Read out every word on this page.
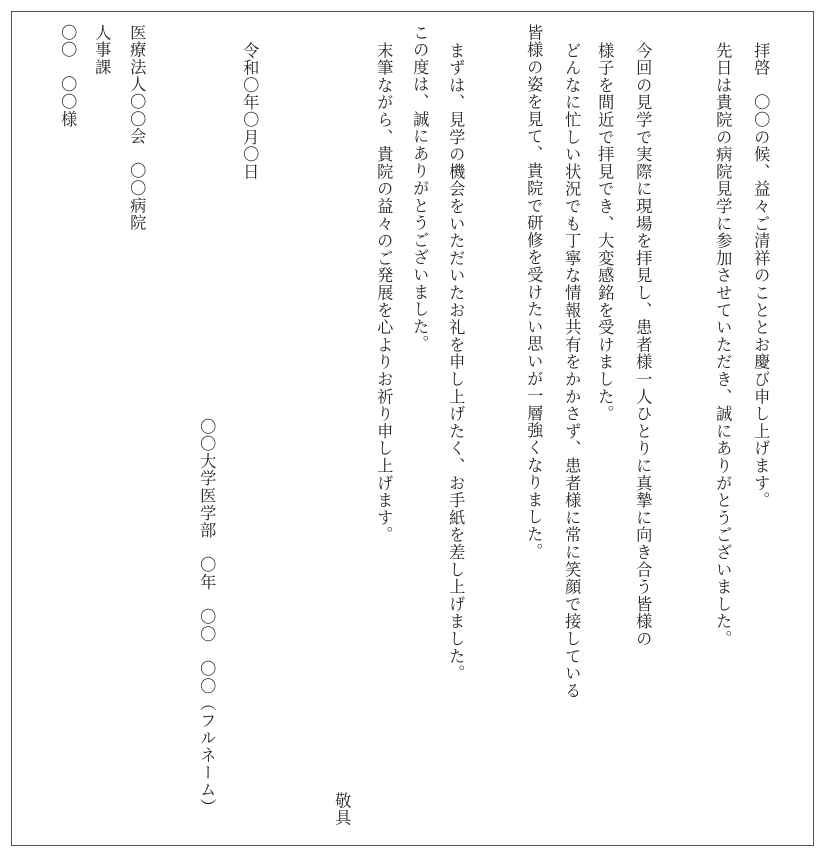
拝啓　〇〇の候、益々ご清祥のこととお慶び申し上げます。
先日は貴院の病院見学に参加させていただき、誠にありがとうございました。
今回の見学で実際に現場を拝見し、患者様一人ひとりに真摯に向き合う皆様の
様子を間近で拝見でき、大変感銘を受けました。
どんなに忙しい状況でも丁寧な情報共有をかかさず、患者様に常に笑顔で接している
皆様の姿を見て、貴院で研修を受けたい思いが一層強くなりました。
まずは、見学の機会をいただいたお礼を申し上げたく、お手紙を差し上げました。
この度は、誠にありがとうございました。
末筆ながら、貴院の益々のご発展を心よりお祈り申し上げます。
敬具
〇〇大学医学部　〇年　〇〇　〇〇（フルネーム）
令和〇年〇月〇日
医療法人〇〇会　〇〇病院
人事課
〇〇　〇〇様
